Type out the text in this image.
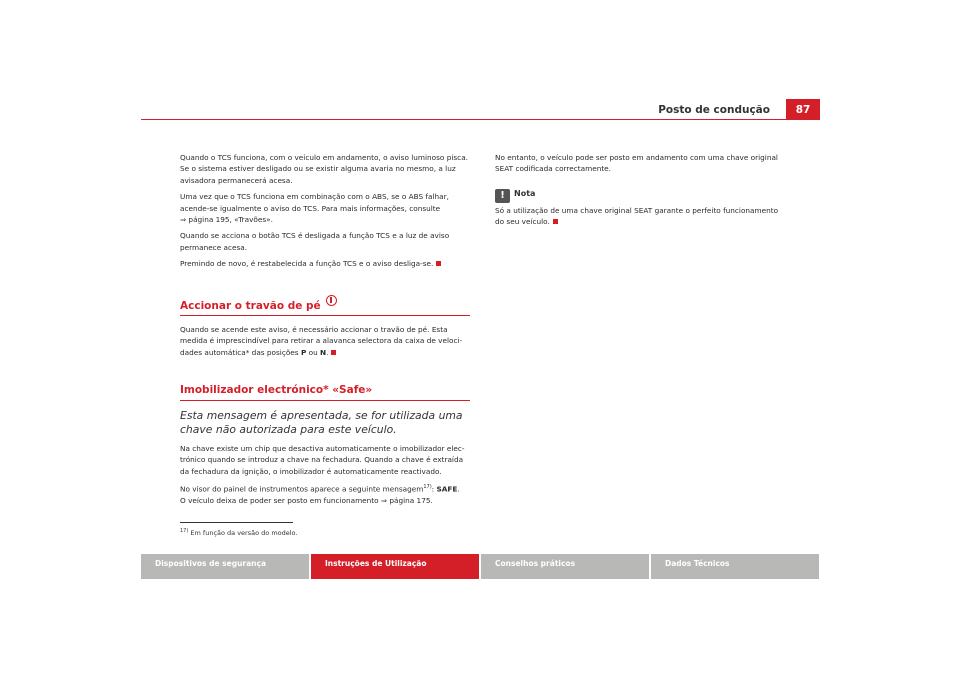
Posto de condução	87

Quando o TCS funciona, com o veículo em andamento, o aviso luminoso pisca. Se o sistema estiver desligado ou se existir alguma avaria no mesmo, a luz avisadora permanecerá acesa.

Uma vez que o TCS funciona em combinação com o ABS, se o ABS falhar, acende-se igualmente o aviso do TCS. Para mais informações, consulte
⇒ página 195, «Travões».

Quando se acciona o botão TCS é desligada a função TCS e a luz de aviso permanece acesa.

Premindo de novo, é restabelecida a função TCS e o aviso desliga-se.

Accionar o travão de pé

Quando se acende este aviso, é necessário accionar o travão de pé. Esta medida é imprescindível para retirar a alavanca selectora da caixa de velocidades automática* das posições P ou N.

Imobilizador electrónico* «Safe»
Esta mensagem é apresentada, se for utilizada uma chave não autorizada para este veículo.

Na chave existe um chip que desactiva automaticamente o imobilizador electrónico quando se introduz a chave na fechadura. Quando a chave é extraída da fechadura da ignição, o imobilizador é automaticamente reactivado.

No visor do painel de instrumentos aparece a seguinte mensagem$^{17)}$: SAFE.
O veículo deixa de poder ser posto em funcionamento ⇒ página 175.

No entanto, o veículo pode ser posto em andamento com uma chave original SEAT codificada correctamente.

! Nota

Só a utilização de uma chave original SEAT garante o perfeito funcionamento do seu veículo.

$^{17)}$ Em função da versão do modelo.
Dispositivos de segurança	Instruções de Utilização	Conselhos práticos	Dados Técnicos
